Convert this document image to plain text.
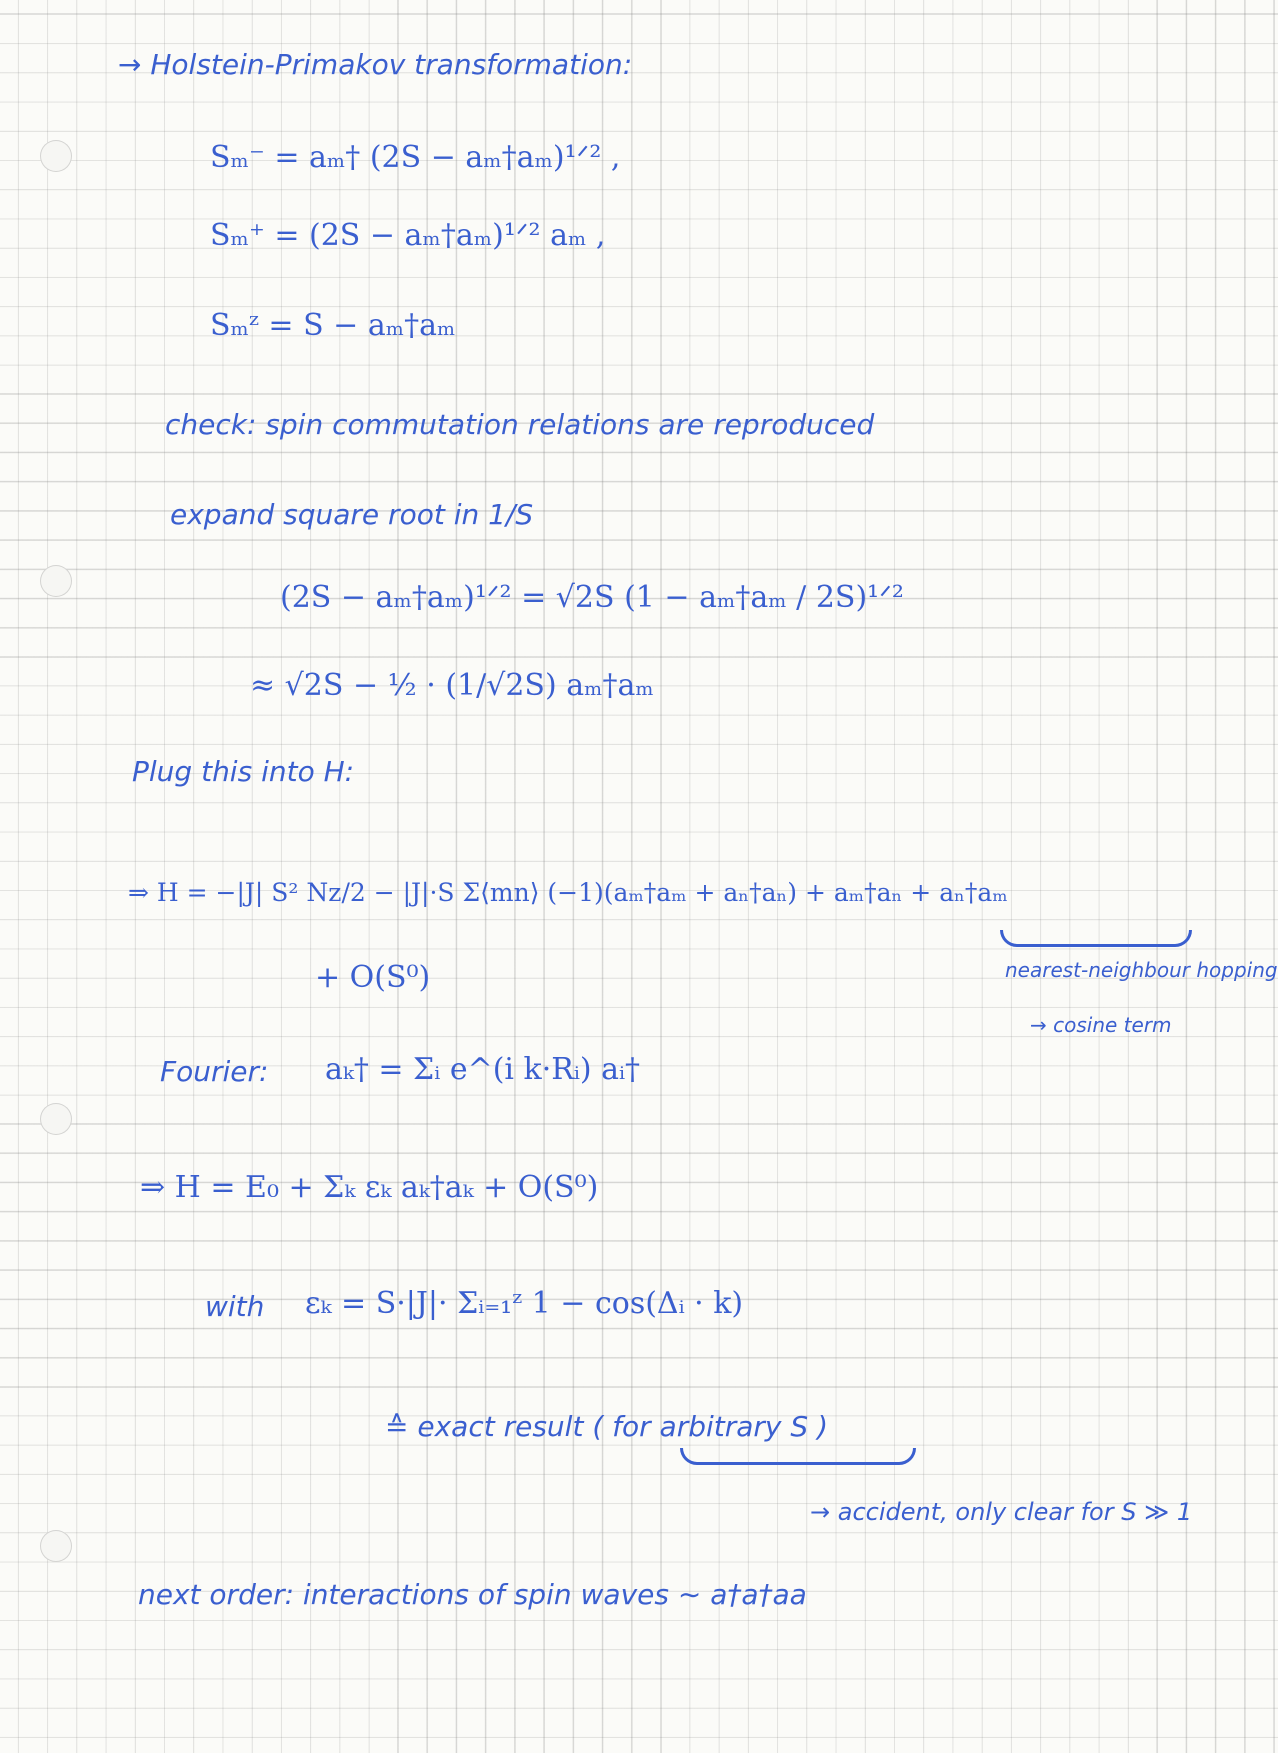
→ Holstein-Primakov transformation:
Sₘ⁻ = aₘ† (2S − aₘ†aₘ)¹ᐟ² ,
Sₘ⁺ = (2S − aₘ†aₘ)¹ᐟ² aₘ ,
Sₘᶻ = S − aₘ†aₘ
check: spin commutation relations are reproduced
expand square root in 1/S
(2S − aₘ†aₘ)¹ᐟ² = √2S (1 − aₘ†aₘ / 2S)¹ᐟ²
≈ √2S − ½ · (1/√2S) aₘ†aₘ
Plug this into H:
⇒ H = −|J| S² Nz/2 − |J|·S Σ⟨mn⟩ (−1)(aₘ†aₘ + aₙ†aₙ) + aₘ†aₙ + aₙ†aₘ
+ O(S⁰)	nearest-neighbour hopping
→ cosine term
Fourier: aₖ† = Σᵢ e^(i k·Rᵢ) aᵢ†
⇒ H = E₀ + Σₖ εₖ aₖ†aₖ + O(S⁰)
with εₖ = S·|J|· Σᵢ₌₁ᶻ 1 − cos(Δᵢ · k)
≙ exact result ( for arbitrary S )
→ accident, only clear for S ≫ 1
next order: interactions of spin waves ∼ a†a†aa
